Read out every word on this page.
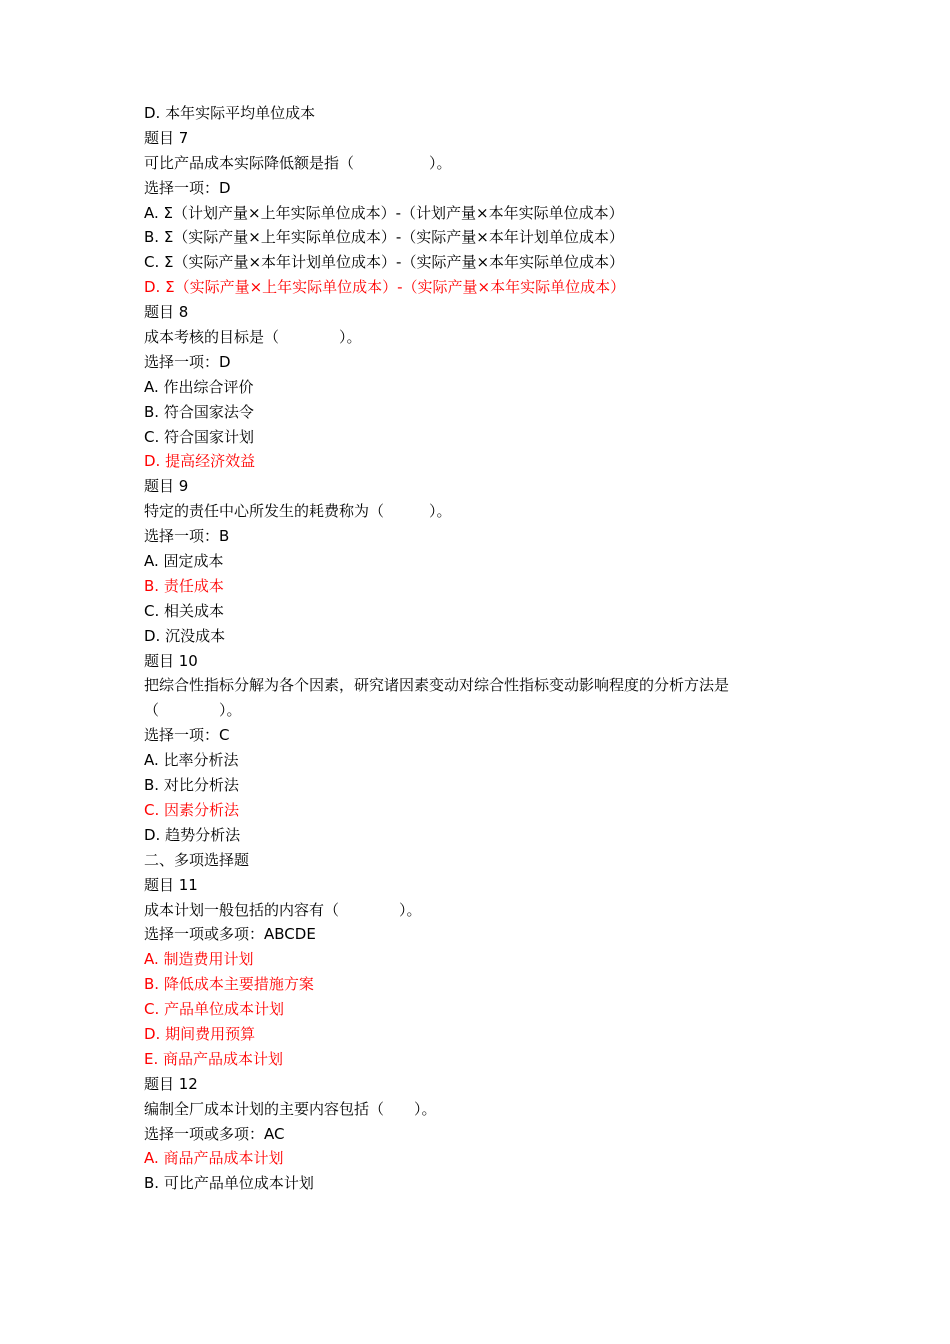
D. 本年实际平均单位成本
题目 7
可比产品成本实际降低额是指（　　　　　）。
选择一项：D
A. Σ（计划产量×上年实际单位成本）-（计划产量×本年实际单位成本）
B. Σ（实际产量×上年实际单位成本）-（实际产量×本年计划单位成本）
C. Σ（实际产量×本年计划单位成本）-（实际产量×本年实际单位成本）
D. Σ（实际产量×上年实际单位成本）-（实际产量×本年实际单位成本）
题目 8
成本考核的目标是（　　　　）。
选择一项：D
A. 作出综合评价
B. 符合国家法令
C. 符合国家计划
D. 提高经济效益
题目 9
特定的责任中心所发生的耗费称为（　　　）。
选择一项：B
A. 固定成本
B. 责任成本
C. 相关成本
D. 沉没成本
题目 10
把综合性指标分解为各个因素，研究诸因素变动对综合性指标变动影响程度的分析方法是
（　　　　）。
选择一项：C
A. 比率分析法
B. 对比分析法
C. 因素分析法
D. 趋势分析法
二、多项选择题
题目 11
成本计划一般包括的内容有（　　　　）。
选择一项或多项：ABCDE
A. 制造费用计划
B. 降低成本主要措施方案
C. 产品单位成本计划
D. 期间费用预算
E. 商品产品成本计划
题目 12
编制全厂成本计划的主要内容包括（　　）。
选择一项或多项：AC
A. 商品产品成本计划
B. 可比产品单位成本计划
